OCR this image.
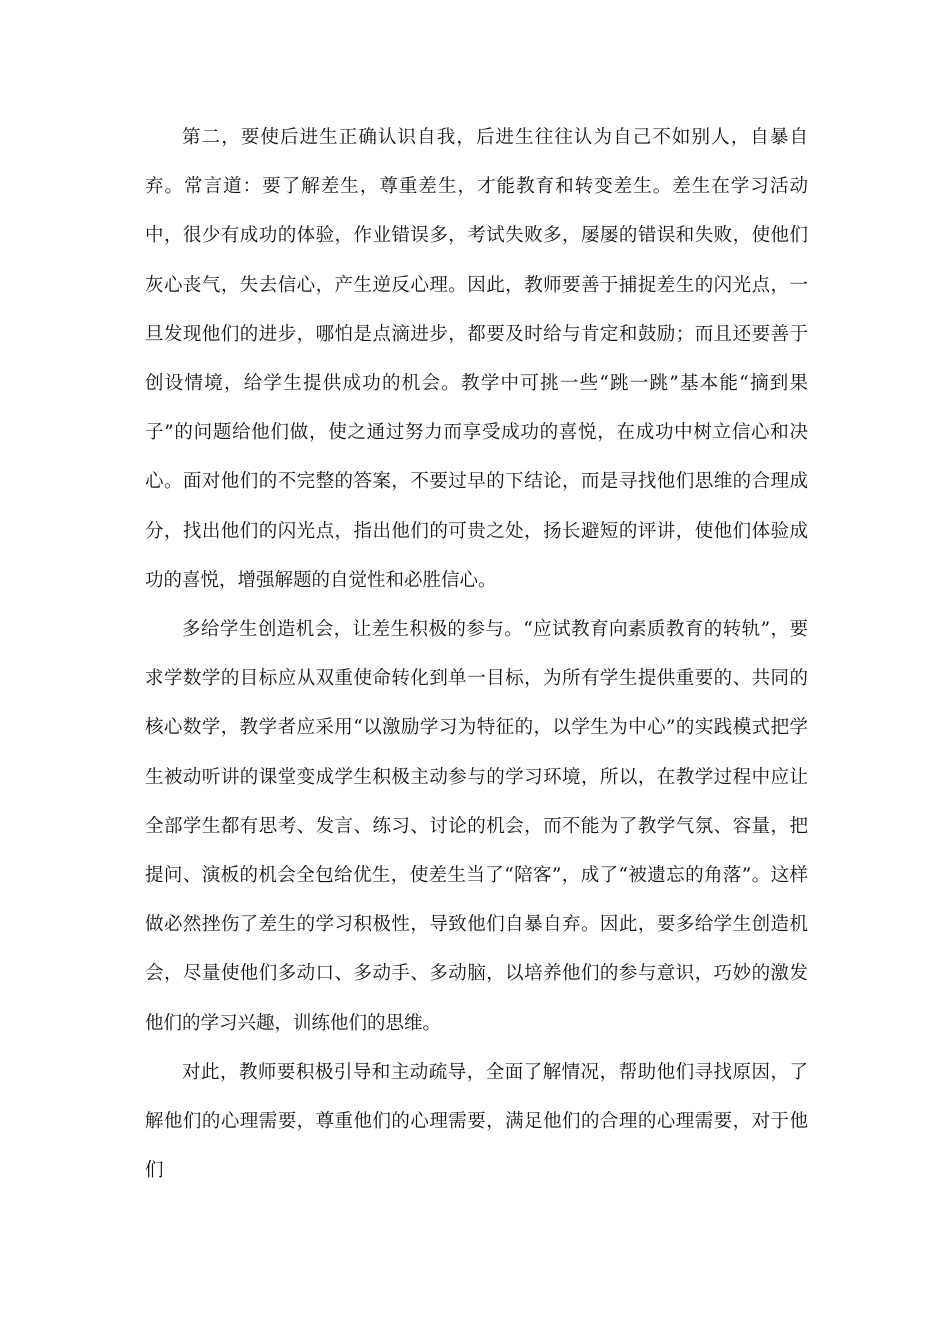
第二，要使后进生正确认识自我，后进生往往认为自己不如别人，自暴自弃。常言道：要了解差生，尊重差生，才能教育和转变差生。差生在学习活动中，很少有成功的体验，作业错误多，考试失败多，屡屡的错误和失败，使他们灰心丧气，失去信心，产生逆反心理。因此，教师要善于捕捉差生的闪光点，一旦发现他们的进步，哪怕是点滴进步，都要及时给与肯定和鼓励；而且还要善于创设情境，给学生提供成功的机会。教学中可挑一些“跳一跳”基本能“摘到果子”的问题给他们做，使之通过努力而享受成功的喜悦，在成功中树立信心和决心。面对他们的不完整的答案，不要过早的下结论，而是寻找他们思维的合理成分，找出他们的闪光点，指出他们的可贵之处，扬长避短的评讲，使他们体验成功的喜悦，增强解题的自觉性和必胜信心。

多给学生创造机会，让差生积极的参与。“应试教育向素质教育的转轨”，要求学数学的目标应从双重使命转化到单一目标，为所有学生提供重要的、共同的核心数学，教学者应采用“以激励学习为特征的，以学生为中心”的实践模式把学生被动听讲的课堂变成学生积极主动参与的学习环境，所以，在教学过程中应让全部学生都有思考、发言、练习、讨论的机会，而不能为了教学气氛、容量，把提问、演板的机会全包给优生，使差生当了“陪客”，成了“被遗忘的角落”。这样做必然挫伤了差生的学习积极性，导致他们自暴自弃。因此，要多给学生创造机会，尽量使他们多动口、多动手、多动脑，以培养他们的参与意识，巧妙的激发他们的学习兴趣，训练他们的思维。

对此，教师要积极引导和主动疏导，全面了解情况，帮助他们寻找原因，了解他们的心理需要，尊重他们的心理需要，满足他们的合理的心理需要，对于他们
